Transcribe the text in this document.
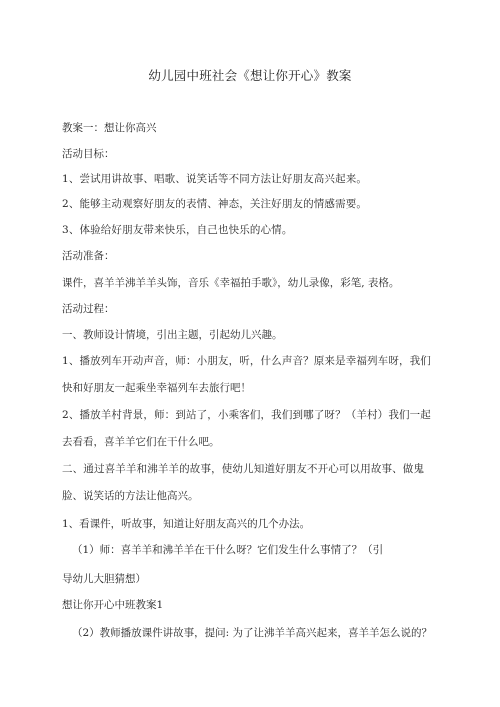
幼儿园中班社会《想让你开心》教案
教案一：想让你高兴
活动目标：
1、尝试用讲故事、唱歌、说笑话等不同方法让好朋友高兴起来。
2、能够主动观察好朋友的表情、神态，关注好朋友的情感需要。
3、体验给好朋友带来快乐，自己也快乐的心情。
活动准备：
课件，喜羊羊沸羊羊头饰，音乐《幸福拍手歌》，幼儿录像，彩笔, 表格。
活动过程：
一、教师设计情境，引出主题，引起幼儿兴趣。
1、播放列车开动声音，师：小朋友，听，什么声音？原来是幸福列车呀，我们
快和好朋友一起乘坐幸福列车去旅行吧！
2、播放羊村背景，师：到站了，小乘客们，我们到哪了呀？（羊村）我们一起
去看看，喜羊羊它们在干什么吧。
二、通过喜羊羊和沸羊羊的故事，使幼儿知道好朋友不开心可以用故事、做鬼
脸、说笑话的方法让他高兴。
1、看课件，听故事，知道让好朋友高兴的几个办法。
（1）师：喜羊羊和沸羊羊在干什么呀？它们发生什么事情了？（引
导幼儿大胆猜想）
想让你开心中班教案1
（2）教师播放课件讲故事，提问: 为了让沸羊羊高兴起来，喜羊羊怎么说的？
